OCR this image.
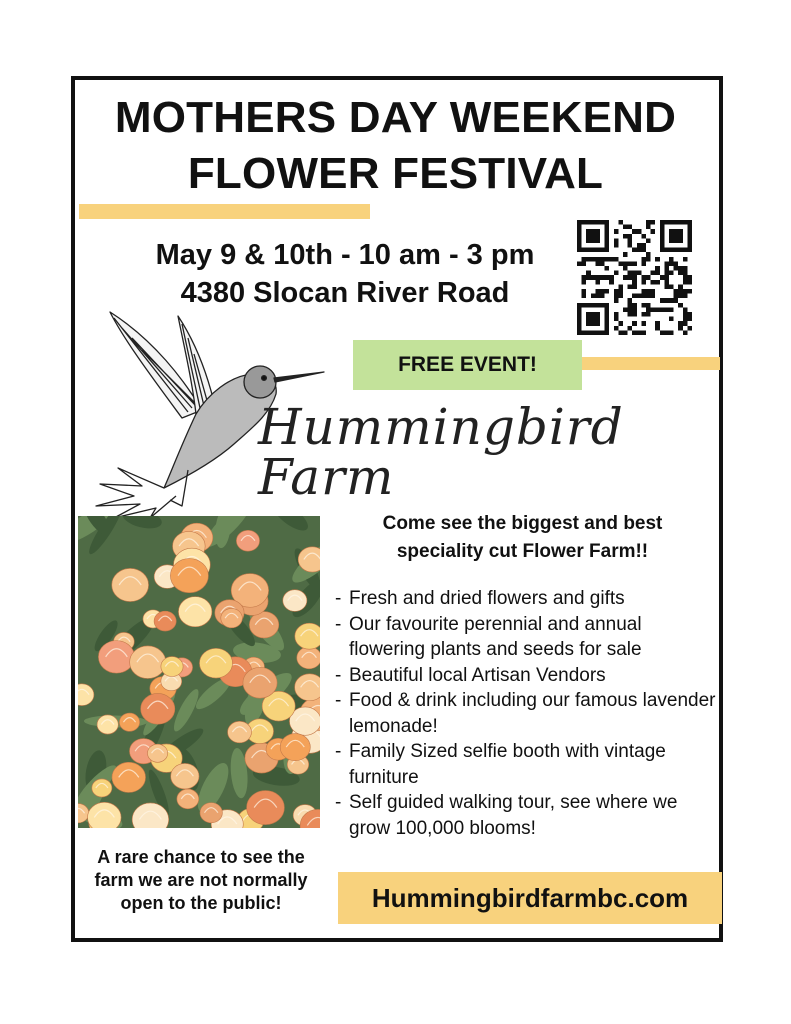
MOTHERS DAY WEEKEND
FLOWER FESTIVAL
May 9 & 10th - 10 am - 3 pm
4380 Slocan River Road
FREE EVENT!
Hummingbird Farm
Come see the biggest and best speciality cut Flower Farm!!
- Fresh and dried flowers and gifts
- Our favourite perennial and annual flowering plants and seeds for sale
- Beautiful local Artisan Vendors
- Food & drink including our famous lavender lemonade!
- Family Sized selfie booth with vintage furniture
- Self guided walking tour, see where we grow 100,000 blooms!
A rare chance to see the farm we are not normally open to the public!	Hummingbirdfarmbc.com
